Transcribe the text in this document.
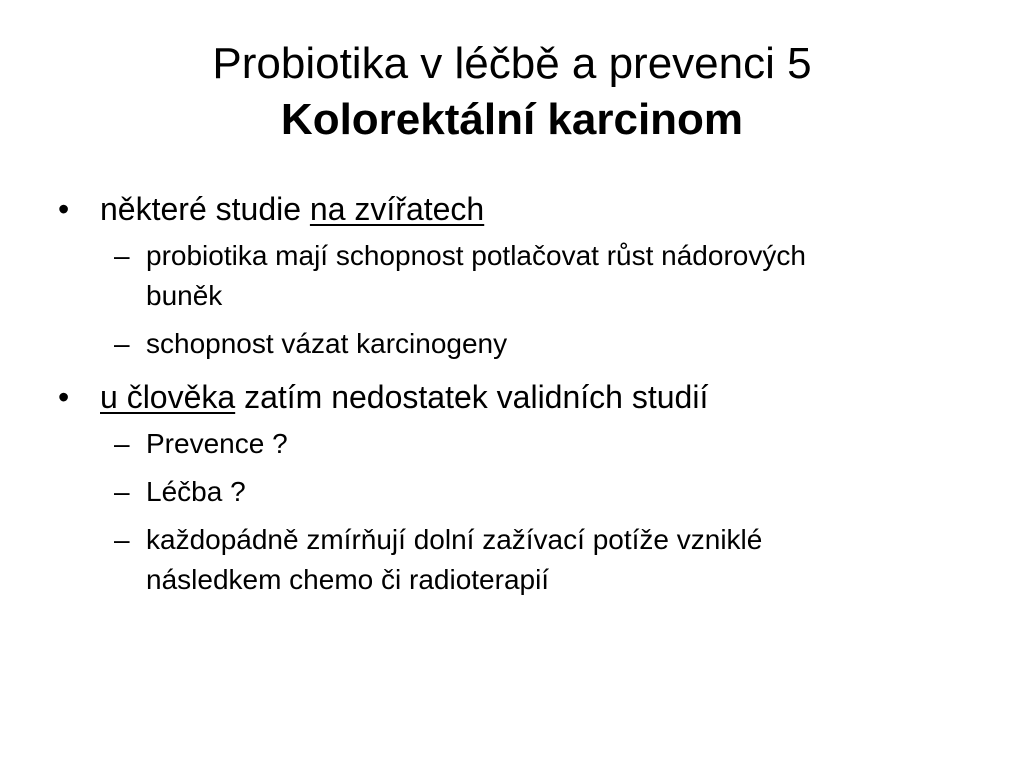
Probiotika v léčbě a prevenci 5
Kolorektální karcinom
• některé studie na zvířatech
– probiotika mají schopnost potlačovat růst nádorových buněk
– schopnost vázat karcinogeny
• u člověka zatím nedostatek validních studií
– Prevence ?
– Léčba ?
– každopádně zmírňují dolní zažívací potíže vzniklé následkem chemo či radioterapií
